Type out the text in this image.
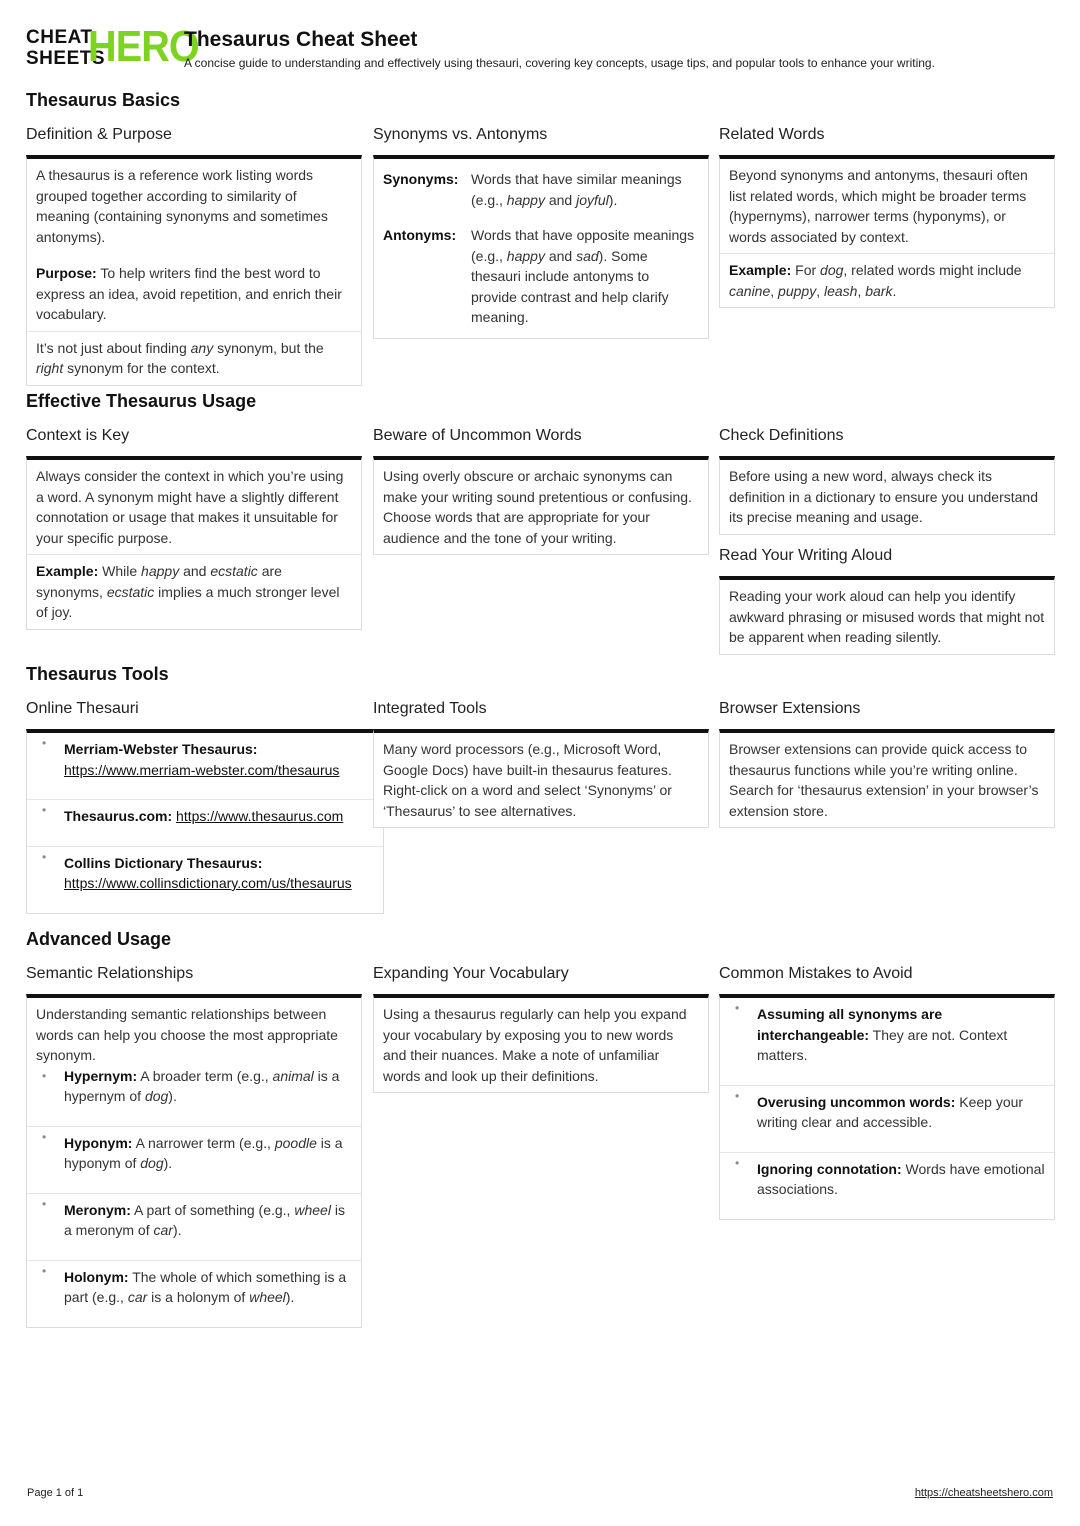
CHEAT
SHEETS
HERO
Thesaurus Cheat Sheet
A concise guide to understanding and effectively using thesauri, covering key concepts, usage tips, and popular tools to enhance your writing.
Thesaurus Basics
Definition & Purpose

A thesaurus is a reference work listing words grouped together according to similarity of meaning (containing synonyms and sometimes antonyms).

Purpose: To help writers find the best word to express an idea, avoid repetition, and enrich their vocabulary.

It’s not just about finding any synonym, but the right synonym for the context.

Synonyms vs. Antonyms
Synonyms: Words that have similar meanings (e.g., happy and joyful).
Antonyms:	Words that have opposite meanings (e.g., happy and sad). Some thesauri include antonyms to provide contrast and help clarify meaning.
Related Words

Beyond synonyms and antonyms, thesauri often list related words, which might be broader terms (hypernyms), narrower terms (hyponyms), or words associated by context.

Example: For dog, related words might include canine, puppy, leash, bark.

Effective Thesaurus Usage
Context is Key

Always consider the context in which you’re using a word. A synonym might have a slightly different connotation or usage that makes it unsuitable for your specific purpose.

Example: While happy and ecstatic are synonyms, ecstatic implies a much stronger level of joy.

Beware of Uncommon Words

Using overly obscure or archaic synonyms can make your writing sound pretentious or confusing. Choose words that are appropriate for your audience and the tone of your writing.

Check Definitions

Before using a new word, always check its definition in a dictionary to ensure you understand its precise meaning and usage.

Read Your Writing Aloud

Reading your work aloud can help you identify awkward phrasing or misused words that might not be apparent when reading silently.

Thesaurus Tools
Online Thesauri
• Merriam-Webster Thesaurus:
https://www.merriam-webster.com/thesaurus
• Thesaurus.com: https://www.thesaurus.com
• Collins Dictionary Thesaurus:
https://www.collinsdictionary.com/us/thesaurus
Integrated Tools

Many word processors (e.g., Microsoft Word, Google Docs) have built-in thesaurus features. Right-click on a word and select ‘Synonyms’ or ‘Thesaurus’ to see alternatives.

Browser Extensions

Browser extensions can provide quick access to thesaurus functions while you’re writing online. Search for ‘thesaurus extension’ in your browser’s extension store.

Advanced Usage
Semantic Relationships

Understanding semantic relationships between words can help you choose the most appropriate synonym.

• Hypernym: A broader term (e.g., animal is a hypernym of dog).
• Hyponym: A narrower term (e.g., poodle is a hyponym of dog).
• Meronym: A part of something (e.g., wheel is a meronym of car).
• Holonym: The whole of which something is a part (e.g., car is a holonym of wheel).
Expanding Your Vocabulary

Using a thesaurus regularly can help you expand your vocabulary by exposing you to new words and their nuances. Make a note of unfamiliar words and look up their definitions.

Common Mistakes to Avoid
• Assuming all synonyms are interchangeable: They are not. Context matters.
• Overusing uncommon words: Keep your writing clear and accessible.
• Ignoring connotation: Words have emotional associations.
Page 1 of 1	https://cheatsheetshero.com
